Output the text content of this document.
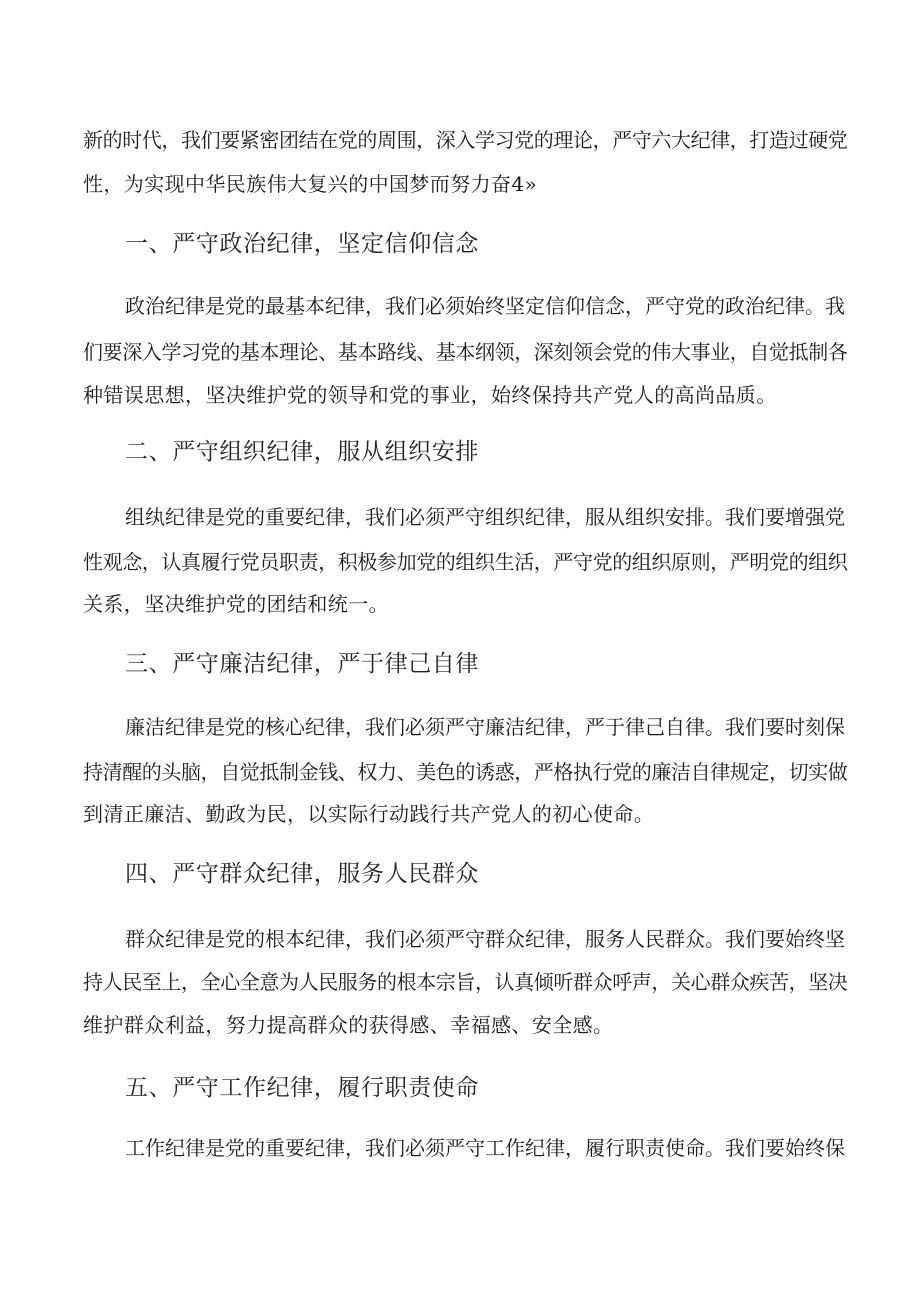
新的时代，我们要紧密团结在党的周围，深入学习党的理论，严守六大纪律，打造过硬党
性，为实现中华民族伟大复兴的中国梦而努力奋4»
一、严守政治纪律，坚定信仰信念
政治纪律是党的最基本纪律，我们必须始终坚定信仰信念，严守党的政治纪律。我
们要深入学习党的基本理论、基本路线、基本纲领，深刻领会党的伟大事业，自觉抵制各
种错误思想，坚决维护党的领导和党的事业，始终保持共产党人的高尚品质。
二、严守组织纪律，服从组织安排
组纨纪律是党的重要纪律，我们必须严守组织纪律，服从组织安排。我们要增强党
性观念，认真履行党员职责，积极参加党的组织生活，严守党的组织原则，严明党的组织
关系，坚决维护党的团结和统一。
三、严守廉洁纪律，严于律己自律
廉洁纪律是党的核心纪律，我们必须严守廉洁纪律，严于律己自律。我们要时刻保
持清醒的头脑，自觉抵制金钱、权力、美色的诱惑，严格执行党的廉洁自律规定，切实做
到清正廉洁、勤政为民，以实际行动践行共产党人的初心使命。
四、严守群众纪律，服务人民群众
群众纪律是党的根本纪律，我们必须严守群众纪律，服务人民群众。我们要始终坚
持人民至上，全心全意为人民服务的根本宗旨，认真倾听群众呼声，关心群众疾苦，坚决
维护群众利益，努力提高群众的获得感、幸福感、安全感。
五、严守工作纪律，履行职责使命
工作纪律是党的重要纪律，我们必须严守工作纪律，履行职责使命。我们要始终保
